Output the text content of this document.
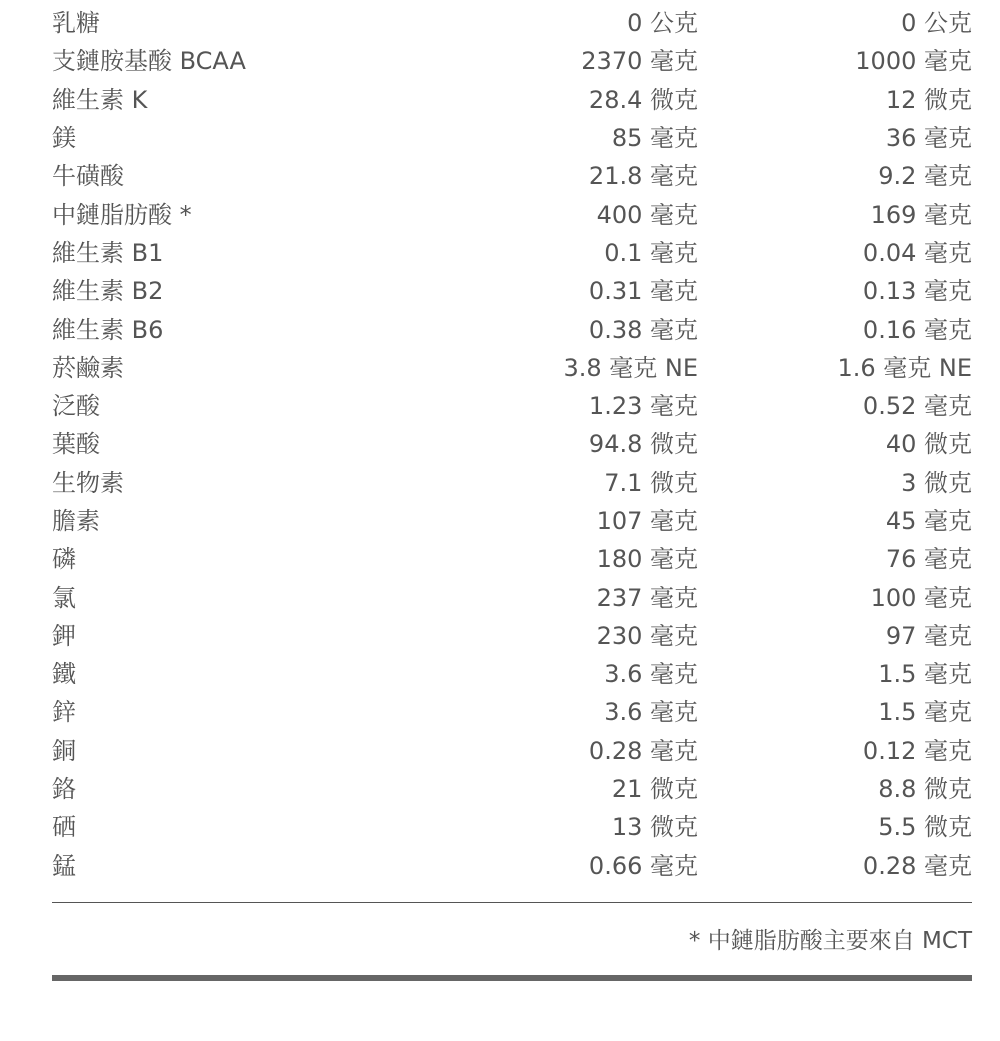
乳糖	0 公克	0 公克
支鏈胺基酸 BCAA	2370 毫克	1000 毫克
維生素 K	28.4 微克	12 微克
鎂	85 毫克	36 毫克
牛磺酸	21.8 毫克	9.2 毫克
中鏈脂肪酸 *	400 毫克	169 毫克
維生素 B1	0.1 毫克	0.04 毫克
維生素 B2	0.31 毫克	0.13 毫克
維生素 B6	0.38 毫克	0.16 毫克
菸鹼素	3.8 毫克 NE	1.6 毫克 NE
泛酸	1.23 毫克	0.52 毫克
葉酸	94.8 微克	40 微克
生物素	7.1 微克	3 微克
膽素	107 毫克	45 毫克
磷	180 毫克	76 毫克
氯	237 毫克	100 毫克
鉀	230 毫克	97 毫克
鐵	3.6 毫克	1.5 毫克
鋅	3.6 毫克	1.5 毫克
銅	0.28 毫克	0.12 毫克
鉻	21 微克	8.8 微克
硒	13 微克	5.5 微克
錳	0.66 毫克	0.28 毫克
* 中鏈脂肪酸主要來自 MCT
